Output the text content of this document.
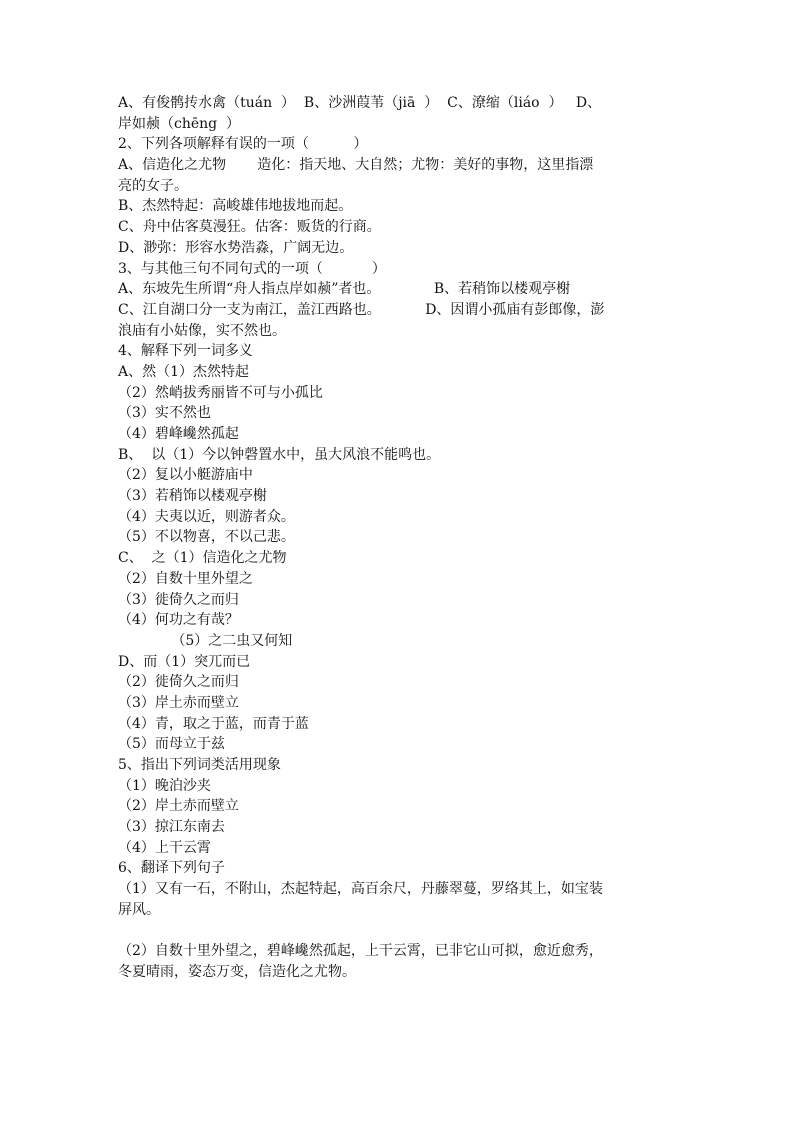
A、有俊鹘抟水禽（tuán  ）  B、沙洲葭苇（jiā  ）  C、潦缩（liáo  ）   D、
岸如赪（chēng  ）
2、下列各项解释有误的一项（          ）
A、信造化之尤物       造化：指天地、大自然；尤物：美好的事物，这里指漂
亮的女子。
B、杰然特起：高峻雄伟地拔地而起。
C、舟中估客莫漫狂。估客：贩货的行商。
D、渺弥：形容水势浩淼，广阔无边。
3、与其他三句不同句式的一项（           ）
A、东坡先生所谓“舟人指点岸如赪”者也。            B、若稍饰以楼观亭榭
C、江自湖口分一支为南江，盖江西路也。          D、因谓小孤庙有彭郎像，澎
浪庙有小姑像，实不然也。
4、解释下列一词多义
A、然（1）杰然特起
（2）然峭拔秀丽皆不可与小孤比
（3）实不然也
（4）碧峰巉然孤起
B、  以（1）今以钟磬置水中，虽大风浪不能鸣也。
（2）复以小艇游庙中
（3）若稍饰以楼观亭榭
（4）夫夷以近，则游者众。
（5）不以物喜，不以己悲。
C、  之（1）信造化之尤物
（2）自数十里外望之
（3）徙倚久之而归
（4）何功之有哉？
（5）之二虫又何知
D、而（1）突兀而已
（2）徙倚久之而归
（3）岸土赤而壁立
（4）青，取之于蓝，而青于蓝
（5）而母立于兹
5、指出下列词类活用现象
（1）晚泊沙夹
（2）岸土赤而壁立
（3）掠江东南去
（4）上干云霄
6、翻译下列句子
（1）又有一石，不附山，杰起特起，高百余尺，丹藤翠蔓，罗络其上，如宝装
屏风。
（2）自数十里外望之，碧峰巉然孤起，上干云霄，已非它山可拟，愈近愈秀，
冬夏晴雨，姿态万变，信造化之尤物。
